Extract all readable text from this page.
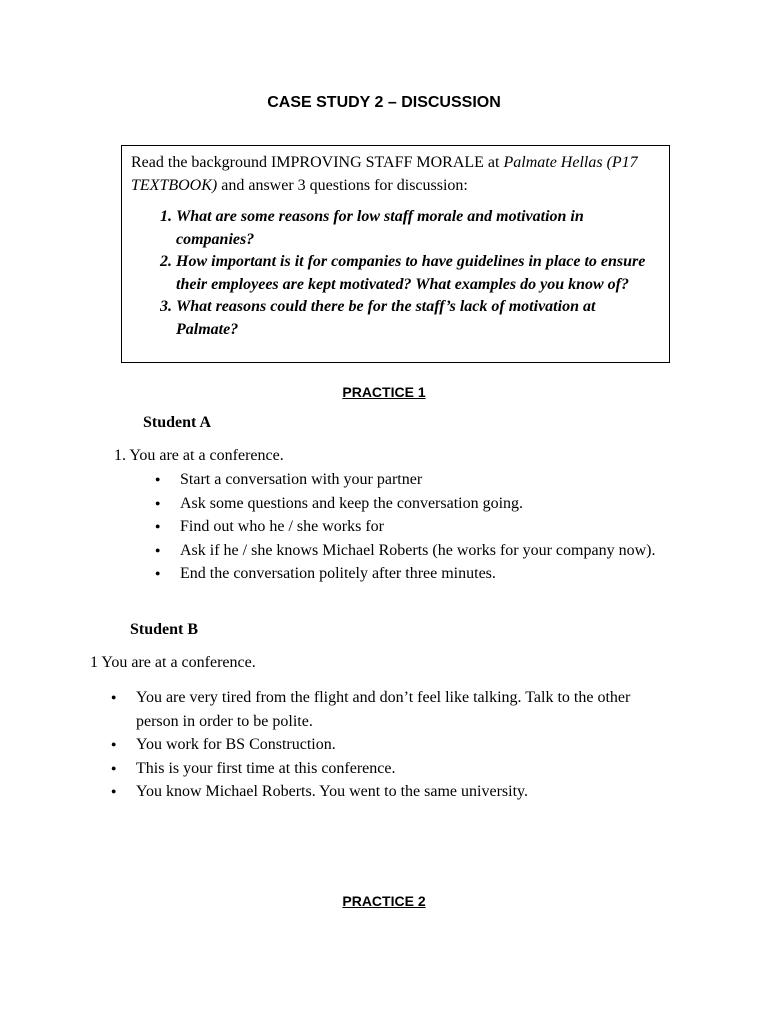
CASE STUDY 2 – DISCUSSION

Read the background IMPROVING STAFF MORALE at Palmate Hellas (P17 TEXTBOOK) and answer 3 questions for discussion:

1. What are some reasons for low staff morale and motivation in companies?
2. How important is it for companies to have guidelines in place to ensure their employees are kept motivated? What examples do you know of?
3. What reasons could there be for the staff’s lack of motivation at Palmate?
PRACTICE 1
Student A
1. You are at a conference.
● Start a conversation with your partner
● Ask some questions and keep the conversation going.
● Find out who he / she works for
● Ask if he / she knows Michael Roberts (he works for your company now).
● End the conversation politely after three minutes.
Student B
1 You are at a conference.
● You are very tired from the flight and don’t feel like talking. Talk to the other person in order to be polite.
● You work for BS Construction.
● This is your first time at this conference.
● You know Michael Roberts. You went to the same university.
PRACTICE 2
